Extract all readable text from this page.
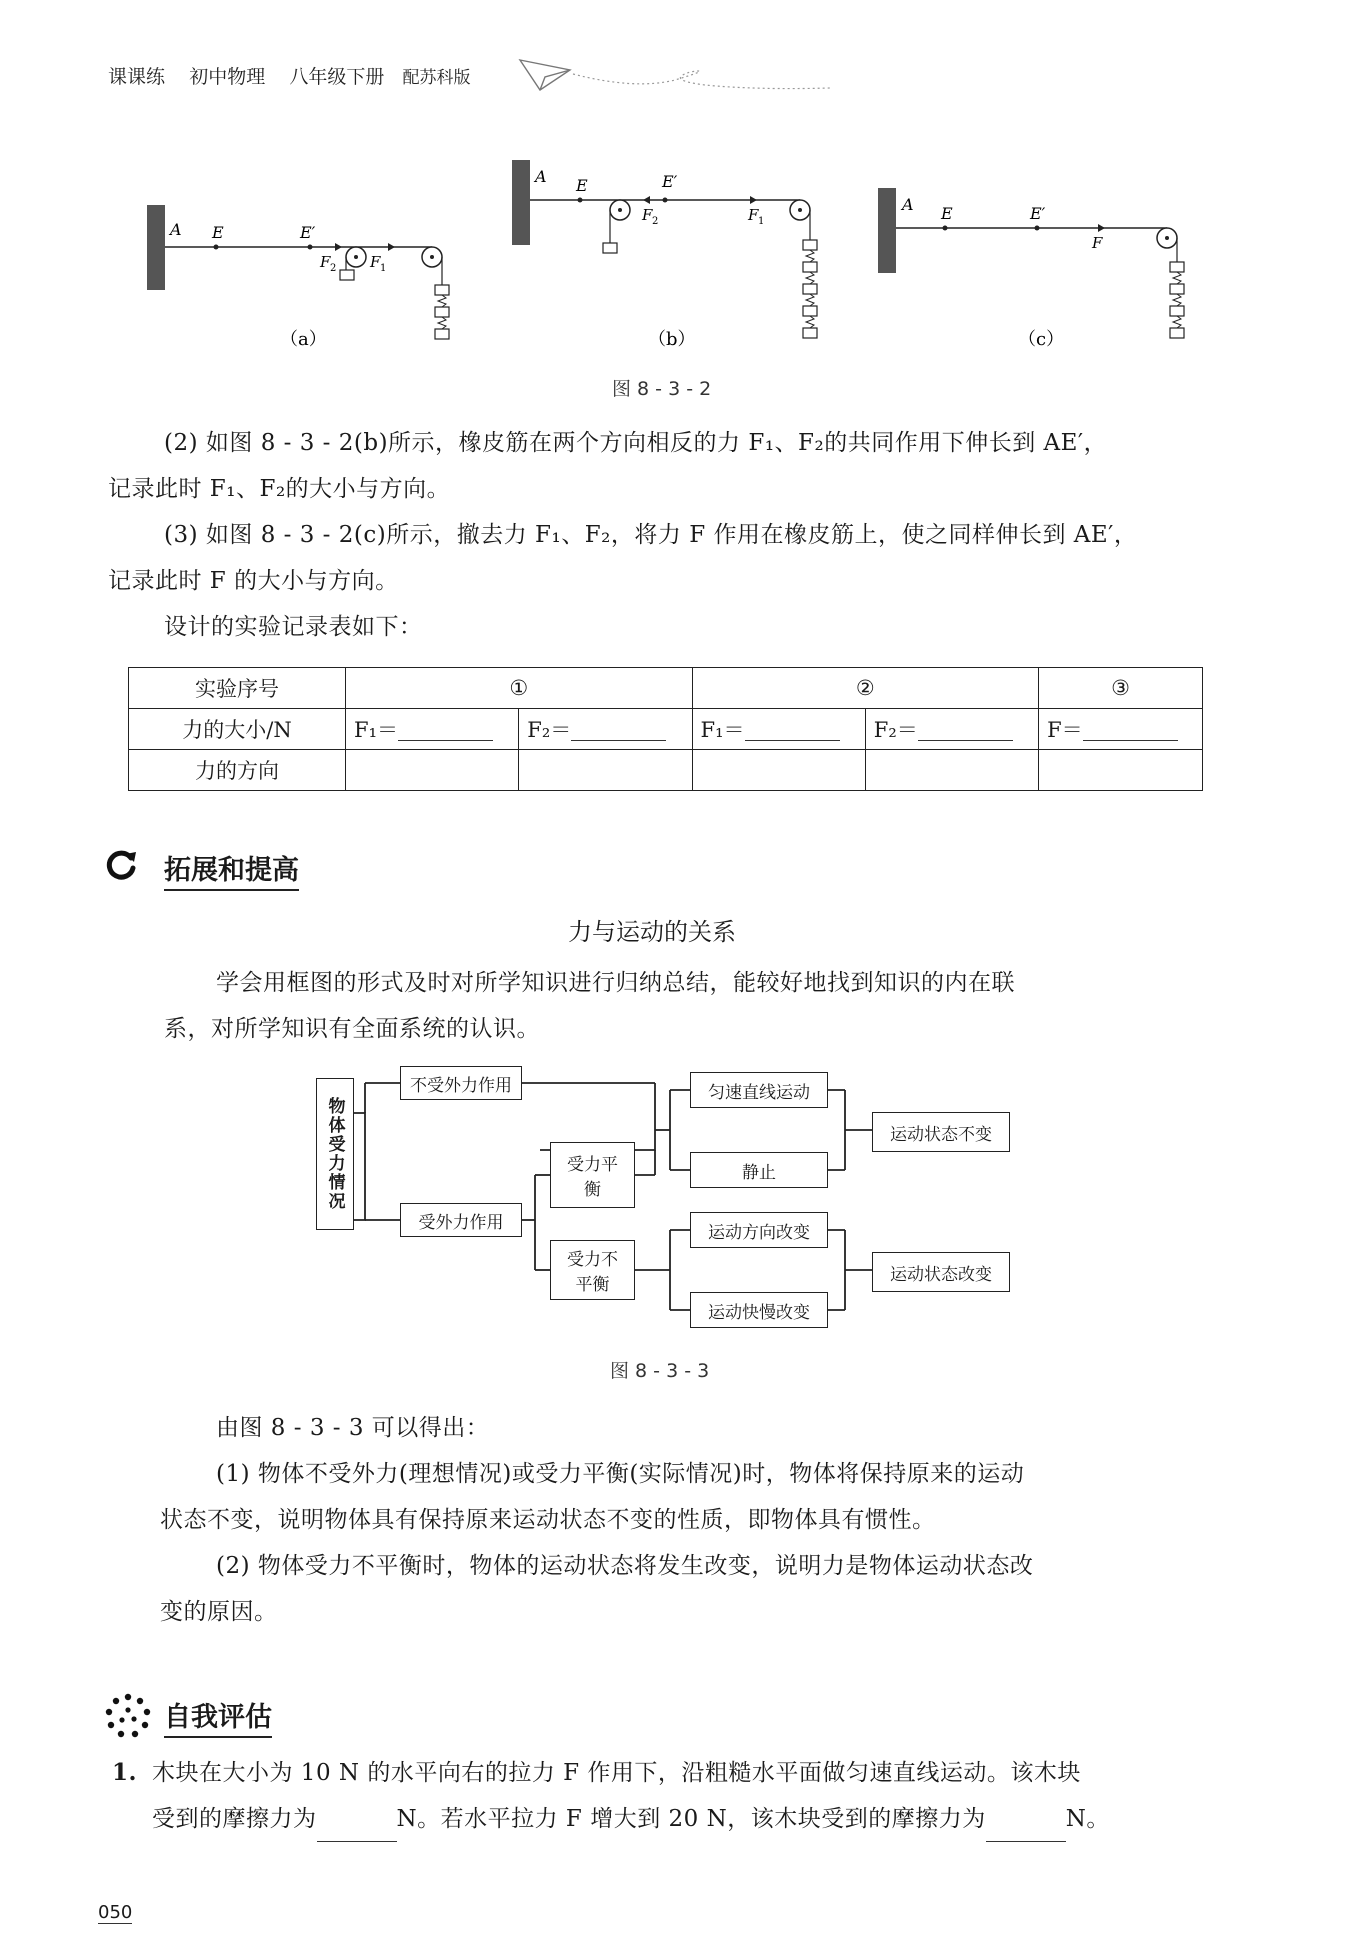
课课练 初中物理 八年级下册 配苏科版
A E	E′
F 2 F 1
（a）
A E	E′
F 2	F 1
（b）
A E	E′
F
（c）
图 8 - 3 - 2
(2) 如图 8 - 3 - 2(b)所示，橡皮筋在两个方向相反的力 F₁、F₂的共同作用下伸长到 AE′，
记录此时 F₁、F₂的大小与方向。
(3) 如图 8 - 3 - 2(c)所示，撤去力 F₁、F₂，将力 F 作用在橡皮筋上，使之同样伸长到 AE′，
记录此时 F 的大小与方向。
设计的实验记录表如下：
实验序号	①		②		③
力的大小/N	F₁＝	F₂＝	F₁＝	F₂＝	F＝
力的方向					
拓展和提高
力与运动的关系
学会用框图的形式及时对所学知识进行归纳总结，能较好地找到知识的内在联
系，对所学知识有全面系统的认识。
物体受力情况
不受外力作用
受外力作用
受力平衡
受力不平衡
匀速直线运动
静止
运动方向改变
运动快慢改变
运动状态不变
运动状态改变
图 8 - 3 - 3
由图 8 - 3 - 3 可以得出：
(1) 物体不受外力(理想情况)或受力平衡(实际情况)时，物体将保持原来的运动
状态不变，说明物体具有保持原来运动状态不变的性质，即物体具有惯性。
(2) 物体受力不平衡时，物体的运动状态将发生改变，说明力是物体运动状态改
变的原因。
自我评估
1. 木块在大小为 10 N 的水平向右的拉力 F 作用下，沿粗糙水平面做匀速直线运动。该木块
受到的摩擦力为	N。若水平拉力 F 增大到 20 N，该木块受到的摩擦力为	N。
050
